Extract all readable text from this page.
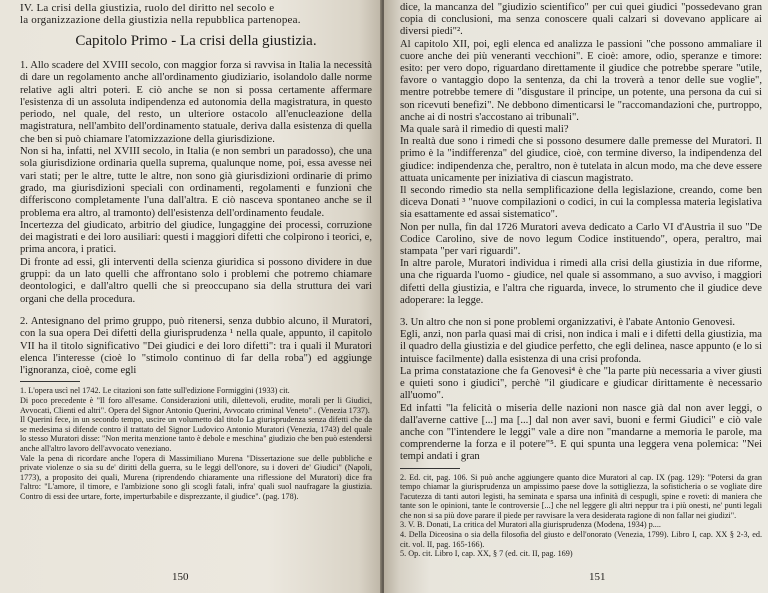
IV. La crisi della giustizia, ruolo del diritto nel secolo e
la organizzazione della giustizia nella repubblica partenopea.
Capitolo Primo - La crisi della giustizia.

1. Allo scadere del XVIII secolo, con maggior forza si ravvisa in Italia la necessità di dare un regolamento anche all'ordinamento giudiziario, isolandolo dalle norme relative agli altri poteri. E ciò anche se non si possa certamente affermare l'esistenza di un assoluta indipendenza ed autonomia della magistratura, in questo periodo, nel quale, del resto, un ulteriore ostacolo all'enucleazione della magistratura, nell'ambito dell'ordinamento statuale, deriva dalla esistenza di quella che ben si può chiamare l'atomizzazione della giurisdizione.

Non si ha, infatti, nel XVIII secolo, in Italia (e non sembri un paradosso), che una sola giurisdizione ordinaria quella suprema, qualunque nome, poi, essa avesse nei vari stati; per le altre, tutte le altre, non sono già giurisdizioni ordinarie di primo grado, ma giurisdizioni speciali con ordinamenti, regolamenti e funzioni che differiscono completamente l'una dall'altra. E ciò nasceva spontaneo anche se il problema era altro, al tramonto) dell'esistenza dell'ordinamento feudale.

Incertezza del giudicato, arbitrio del giudice, lungaggine dei processi, corruzione dei magistrati e dei loro ausiliari: questi i maggiori difetti che colpirono i teorici, e, prima ancora, i pratici.

Di fronte ad essi, gli interventi della scienza giuridica si possono dividere in due gruppi: da un lato quelli che affrontano solo i problemi che potremo chiamare deontologici, e dall'altro quelli che si preoccupano sia della struttura dei vari organi che della procedura.

2. Antesignano del primo gruppo, può ritenersi, senza dubbio alcuno, il Muratori, con la sua opera Dei difetti della giurisprudenza ¹ nella quale, appunto, il capitolo VII ha il titolo significativo "Dei giudici e dei loro difetti": tra i quali il Muratori elenca l'interesse (cioè lo "stimolo continuo di far della roba") ed aggiunge l'ignoranza, cioè, come egli

1. L'opera uscì nel 1742. Le citazioni son fatte sull'edizione Formiggini (1933) cit.

Di poco precedente è "Il foro all'esame. Considerazioni utili, dilettevoli, erudite, morali per li Giudici, Avvocati, Clienti ed altri". Opera del Signor Antonio Querini, Avvocato criminal Veneto" . (Venezia 1737).

Il Querini fece, in un secondo tempo, uscire un volumetto dal titolo La giurisprudenza senza difetti che da se medesima si difende contro il trattato del Signor Ludovico Antonio Muratori (Venezia, 1743) del quale lo stesso Muratori disse: "Non merita menzione tanto è debole e meschina" giudizio che ben può estendersi anche all'altro lavoro dell'avvocato veneziano.

Vale la pena di ricordare anche l'opera di Massimiliano Murena "Dissertazione sue delle pubbliche e private violenze o sia su de' diritti della guerra, su le leggi dell'onore, su i doveri de' Giudici" (Napoli, 1773), a proposito dei quali, Murena (riprendendo chiaramente una riflessione del Muratori) dice fra l'altro: "L'amore, il timore, e l'ambizione sono gli scogli fatali, infra' quali suol naufragare la giustizia. Contro di essi dee urtare, forte, imperturbabile e disprezzante, il giudice". (pag. 178).

150

dice, la mancanza del "giudizio scientifico" per cui quei giudici "possedevano gran copia di conclusioni, ma senza conoscere quali calzari si dovevano applicare ai diversi piedi"².

Al capitolo XII, poi, egli elenca ed analizza le passioni "che possono ammaliare il cuore anche dei più veneranti vecchioni". E cioè: amore, odio, speranze e timore: esito: per vero dopo, riguardano direttamente il giudice che potrebbe sperare "utile, favore o vantaggio dopo la sentenza, da chi la troverà a tenor delle sue voglie", mentre potrebbe temere di "disgustare il principe, un potente, una persona da cui si son ricevuti benefizi". Ne debbono dimenticarsi le "raccomandazioni che, purtroppo, anche ai di nostri s'accostano ai tribunali".

Ma quale sarà il rimedio di questi mali?

In realtà due sono i rimedi che si possono desumere dalle premesse del Muratori. Il primo è la "indifferenza" del giudice, cioè, con termine diverso, la indipendenza del giudice: indipendenza che, peraltro, non è tutelata in alcun modo, ma che deve essere attuata unicamente per iniziativa di ciascun magistrato.

Il secondo rimedio sta nella semplificazione della legislazione, creando, come ben diceva Donati ³ "nuove compilazioni o codici, in cui la complessa materia legislativa sia esattamente ed assai sistematico".

Non per nulla, fin dal 1726 Muratori aveva dedicato a Carlo VI d'Austria il suo "De Codice Carolino, sive de novo legum Codice instituendo", opera, peraltro, mai stampata "per vari riguardi".

In altre parole, Muratori individua i rimedi alla crisi della giustizia in due riforme, una che riguarda l'uomo - giudice, nel quale si assommano, a suo avviso, i maggiori difetti della giustizia, e l'altra che riguarda, invece, lo strumento che il giudice deve adoperare: la legge.

3. Un altro che non si pone problemi organizzativi, è l'abate Antonio Genovesi.

Egli, anzi, non parla quasi mai di crisi, non indica i mali e i difetti della giustizia, ma il quadro della giustizia e del giudice perfetto, che egli delinea, nasce appunto (e lo si intuisce facilmente) dalla esistenza di una crisi profonda.

La prima constatazione che fa Genovesi⁴ è che "la parte più necessaria a viver giusti e quieti sono i giudici", perchè "il giudicare e giudicar dirittamente è necessario all'uomo".

Ed infatti "la felicità o miseria delle nazioni non nasce già dal non aver leggi, o dall'averne cattive [...] ma [...] dal non aver savi, buoni e fermi Giudici" e ciò vale anche con "l'intendere le leggi" vale a dire non "mandarne a memoria le parole, ma comprenderne la forza e il potere"⁵. E qui spunta una leggera vena polemica: "Nei tempi andati i gran

2. Ed. cit, pag. 106. Si può anche aggiungere quanto dice Muratori al cap. IX (pag. 129): "Potersi da gran tempo chiamar la giurisprudenza un ampissimo paese dove la sottigliezza, la sofisticheria o se vogliate dire l'acutezza di tanti autori legisti, ha seminata e sparsa una infinità di cespugli, spine e roveti: di maniera che tante son le opinioni, tante le controversie [...] che nel leggere gli altri neppur tra i più onesti, ne' punti legali che non si sa più dove parare il piede per ravvisare la vera desiderata ragione di non fallar nei giudizi".

3. V. B. Donati, La critica del Muratori alla giurisprudenza (Modena, 1934) p....

4. Della Diceosina o sia della filosofia del giusto e dell'onorato (Venezia, 1799). Libro I, cap. XX § 2-3, ed. cit. vol. II, pag. 165-166).

5. Op. cit. Libro I, cap. XX, § 7 (ed. cit. II, pag. 169)

151
